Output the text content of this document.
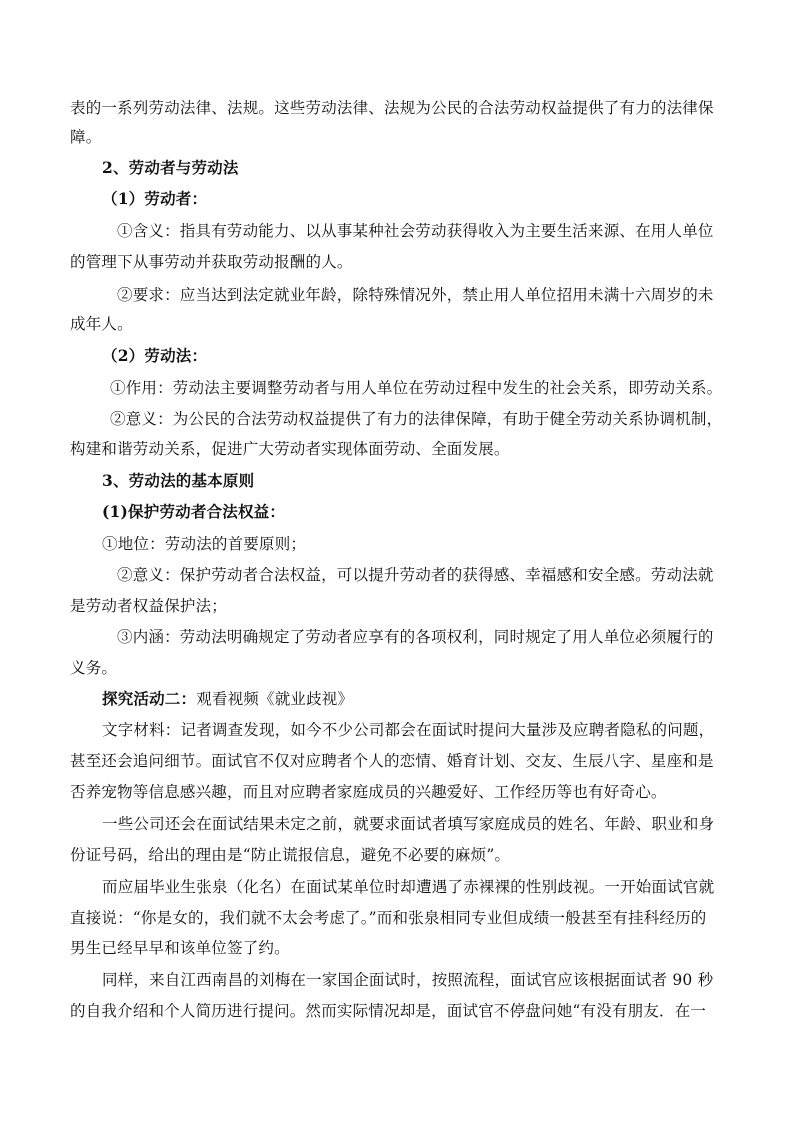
表的一系列劳动法律、法规。这些劳动法律、法规为公民的合法劳动权益提供了有力的法律保
障。
2、劳动者与劳动法
（1）劳动者：
①含义：指具有劳动能力、以从事某种社会劳动获得收入为主要生活来源、在用人单位
的管理下从事劳动并获取劳动报酬的人。
②要求：应当达到法定就业年龄，除特殊情况外，禁止用人单位招用未满十六周岁的未
成年人。
（2）劳动法：
①作用：劳动法主要调整劳动者与用人单位在劳动过程中发生的社会关系，即劳动关系。
②意义：为公民的合法劳动权益提供了有力的法律保障，有助于健全劳动关系协调机制，
构建和谐劳动关系，促进广大劳动者实现体面劳动、全面发展。
3、劳动法的基本原则
(1)保护劳动者合法权益：
①地位：劳动法的首要原则；
②意义：保护劳动者合法权益，可以提升劳动者的获得感、幸福感和安全感。劳动法就
是劳动者权益保护法；
③内涵：劳动法明确规定了劳动者应享有的各项权利，同时规定了用人单位必须履行的
义务。
探究活动二：观看视频《就业歧视》
文字材料：记者调查发现，如今不少公司都会在面试时提问大量涉及应聘者隐私的问题，
甚至还会追问细节。面试官不仅对应聘者个人的恋情、婚育计划、交友、生辰八字、星座和是
否养宠物等信息感兴趣，而且对应聘者家庭成员的兴趣爱好、工作经历等也有好奇心。
一些公司还会在面试结果未定之前，就要求面试者填写家庭成员的姓名、年龄、职业和身
份证号码，给出的理由是“防止谎报信息，避免不必要的麻烦”。
而应届毕业生张泉（化名）在面试某单位时却遭遇了赤裸裸的性别歧视。一开始面试官就
直接说：“你是女的，我们就不太会考虑了。”而和张泉相同专业但成绩一般甚至有挂科经历的
男生已经早早和该单位签了约。
同样，来自江西南昌的刘梅在一家国企面试时，按照流程，面试官应该根据面试者 90 秒
的自我介绍和个人简历进行提问。然而实际情况却是，面试官不停盘问她“有没有朋友．在一
